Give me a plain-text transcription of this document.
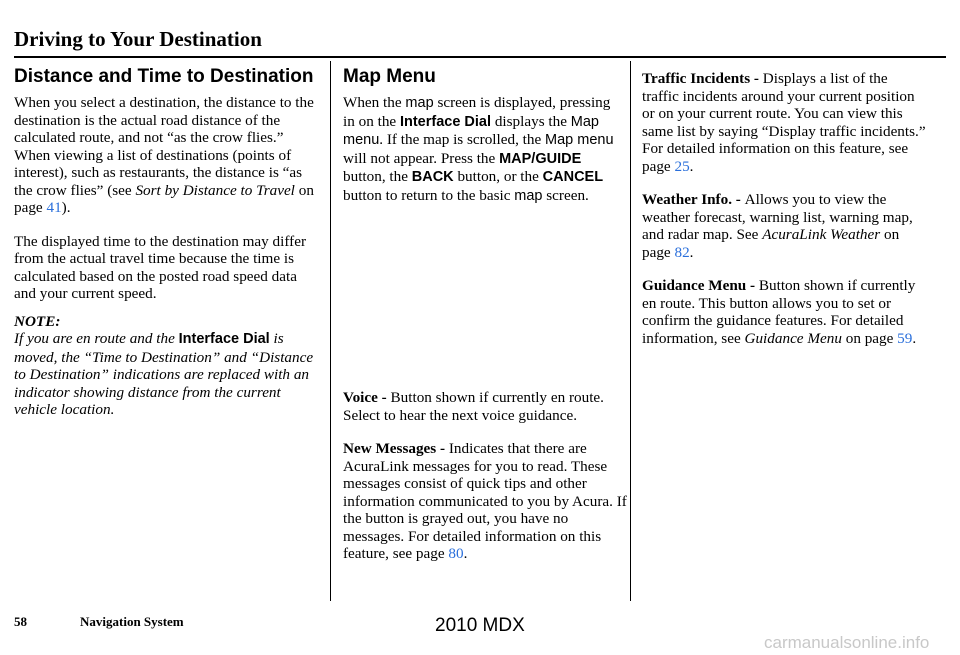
Driving to Your Destination
Distance and Time to Destination

When you select a destination, the distance to the destination is the actual road distance of the calculated route, and not “as the crow flies.” When viewing a list of destinations (points of interest), such as restaurants, the distance is “as the crow flies” (see Sort by Distance to Travel on page 41).

The displayed time to the destination may differ from the actual travel time because the time is calculated based on the posted road speed data and your current speed.

NOTE:

If you are en route and the Interface Dial is moved, the “Time to Destination” and “Distance to Destination” indications are replaced with an indicator showing distance from the current vehicle location.

Map Menu

When the map screen is displayed, pressing in on the Interface Dial displays the Map menu. If the map is scrolled, the Map menu will not appear. Press the MAP/GUIDE button, the BACK button, or the CANCEL button to return to the basic map screen.

Voice - Button shown if currently en route. Select to hear the next voice guidance.

New Messages - Indicates that there are AcuraLink messages for you to read. These messages consist of quick tips and other information communicated to you by Acura. If the button is grayed out, you have no messages. For detailed information on this feature, see page 80.

Traffic Incidents - Displays a list of the traffic incidents around your current position or on your current route. You can view this same list by saying “Display traffic incidents.” For detailed information on this feature, see page 25.

Weather Info. - Allows you to view the weather forecast, warning list, warning map, and radar map. See AcuraLink Weather on page 82.

Guidance Menu - Button shown if currently en route. This button allows you to set or confirm the guidance features. For detailed information, see Guidance Menu on page 59.

58	Navigation System	2010 MDX
carmanualsonline.info
